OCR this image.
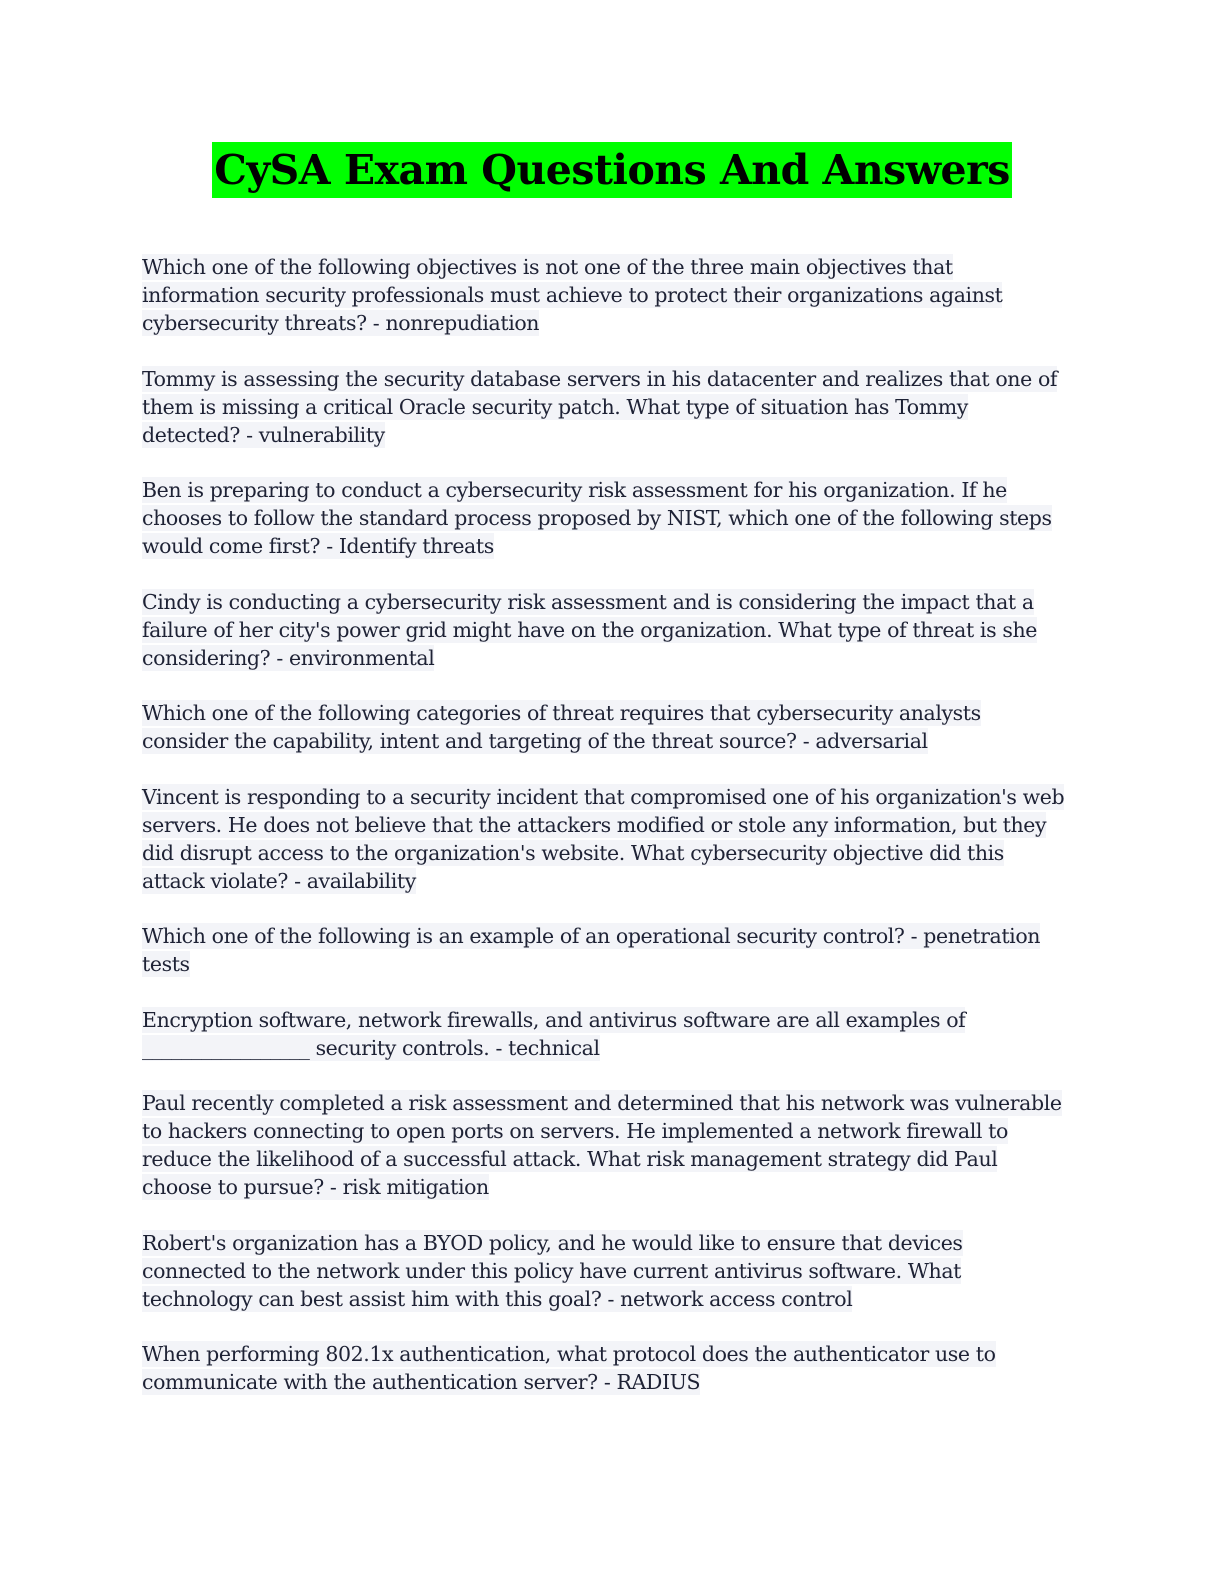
CySA Exam Questions And Answers

Which one of the following objectives is not one of the three main objectives that information security professionals must achieve to protect their organizations against cybersecurity threats? - nonrepudiation

Tommy is assessing the security database servers in his datacenter and realizes that one of them is missing a critical Oracle security patch. What type of situation has Tommy detected? - vulnerability

Ben is preparing to conduct a cybersecurity risk assessment for his organization. If he chooses to follow the standard process proposed by NIST, which one of the following steps would come first? - Identify threats

Cindy is conducting a cybersecurity risk assessment and is considering the impact that a failure of her city's power grid might have on the organization. What type of threat is she considering? - environmental

Which one of the following categories of threat requires that cybersecurity analysts consider the capability, intent and targeting of the threat source? - adversarial

Vincent is responding to a security incident that compromised one of his organization's web servers. He does not believe that the attackers modified or stole any information, but they did disrupt access to the organization's website. What cybersecurity objective did this attack violate? - availability

Which one of the following is an example of an operational security control? - penetration tests

Encryption software, network firewalls, and antivirus software are all examples of _________________ security controls. - technical

Paul recently completed a risk assessment and determined that his network was vulnerable to hackers connecting to open ports on servers. He implemented a network firewall to reduce the likelihood of a successful attack. What risk management strategy did Paul choose to pursue? - risk mitigation

Robert's organization has a BYOD policy, and he would like to ensure that devices connected to the network under this policy have current antivirus software. What technology can best assist him with this goal? - network access control

When performing 802.1x authentication, what protocol does the authenticator use to communicate with the authentication server? - RADIUS
